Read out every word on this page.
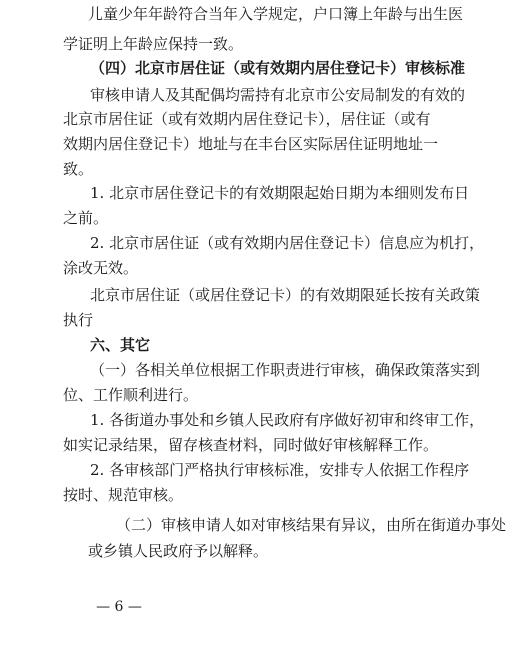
儿童少年年龄符合当年入学规定，户口簿上年龄与出生医
学证明上年龄应保持一致。
（四）北京市居住证（或有效期内居住登记卡）审核标准
审核申请人及其配偶均需持有北京市公安局制发的有效的
北京市居住证（或有效期内居住登记卡），居住证（或有
效期内居住登记卡）地址与在丰台区实际居住证明地址一
致。
1. 北京市居住登记卡的有效期限起始日期为本细则发布日
之前。
2. 北京市居住证（或有效期内居住登记卡）信息应为机打，
涂改无效。
北京市居住证（或居住登记卡）的有效期限延长按有关政策
执行
六、其它
（一）各相关单位根据工作职责进行审核，确保政策落实到
位、工作顺利进行。
1. 各街道办事处和乡镇人民政府有序做好初审和终审工作，
如实记录结果，留存核查材料，同时做好审核解释工作。
2. 各审核部门严格执行审核标准，安排专人依据工作程序
按时、规范审核。
（二）审核申请人如对审核结果有异议，由所在街道办事处
或乡镇人民政府予以解释。
— 6 —
